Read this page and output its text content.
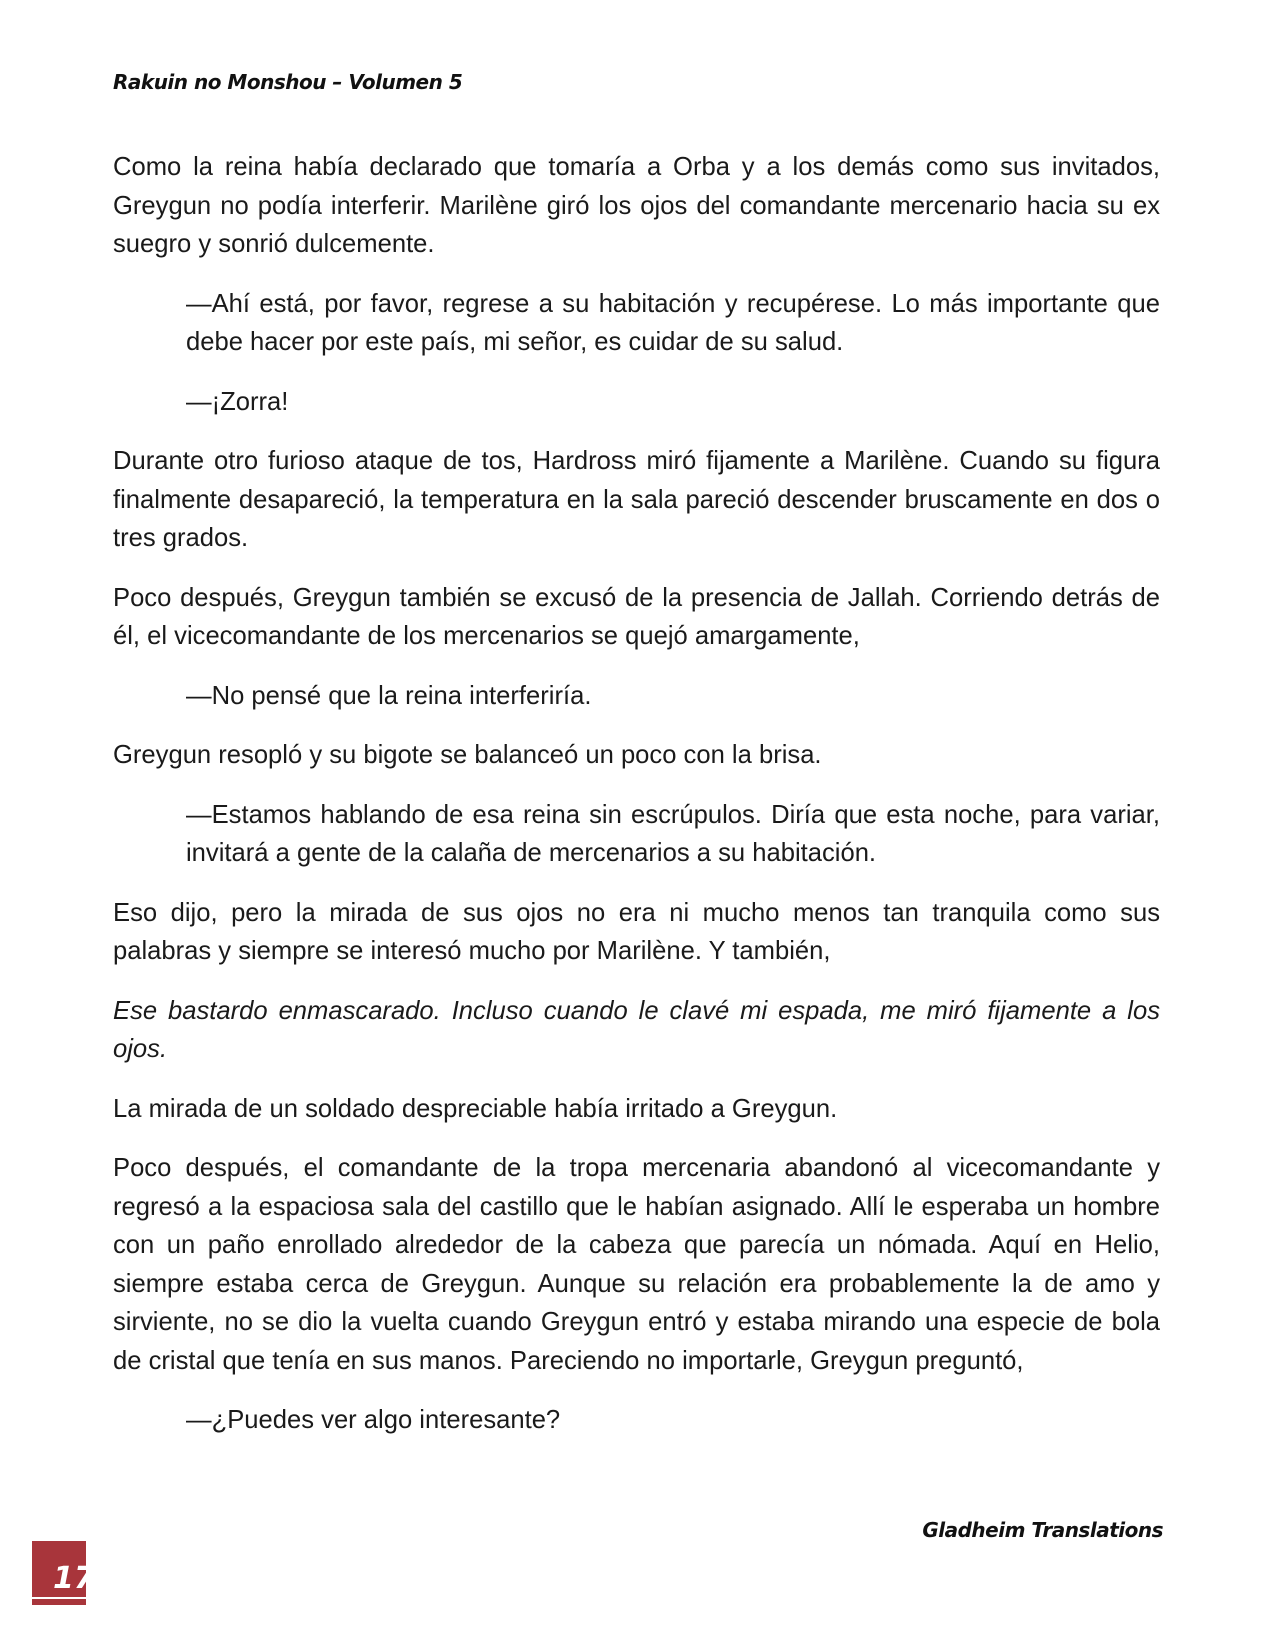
Rakuin no Monshou – Volumen 5

Como la reina había declarado que tomaría a Orba y a los demás como sus invitados, Greygun no podía interferir. Marilène giró los ojos del comandante mercenario hacia su ex suegro y sonrió dulcemente.

—Ahí está, por favor, regrese a su habitación y recupérese. Lo más importante que debe hacer por este país, mi señor, es cuidar de su salud.

—¡Zorra!

Durante otro furioso ataque de tos, Hardross miró fijamente a Marilène. Cuando su figura finalmente desapareció, la temperatura en la sala pareció descender bruscamente en dos o tres grados.

Poco después, Greygun también se excusó de la presencia de Jallah. Corriendo detrás de él, el vicecomandante de los mercenarios se quejó amargamente,

—No pensé que la reina interferiría.

Greygun resopló y su bigote se balanceó un poco con la brisa.

—Estamos hablando de esa reina sin escrúpulos. Diría que esta noche, para variar, invitará a gente de la calaña de mercenarios a su habitación.

Eso dijo, pero la mirada de sus ojos no era ni mucho menos tan tranquila como sus palabras y siempre se interesó mucho por Marilène. Y también,

Ese bastardo enmascarado. Incluso cuando le clavé mi espada, me miró fijamente a los ojos.

La mirada de un soldado despreciable había irritado a Greygun.

Poco después, el comandante de la tropa mercenaria abandonó al vicecomandante y regresó a la espaciosa sala del castillo que le habían asignado. Allí le esperaba un hombre con un paño enrollado alrededor de la cabeza que parecía un nómada. Aquí en Helio, siempre estaba cerca de Greygun. Aunque su relación era probablemente la de amo y sirviente, no se dio la vuelta cuando Greygun entró y estaba mirando una especie de bola de cristal que tenía en sus manos. Pareciendo no importarle, Greygun preguntó,

—¿Puedes ver algo interesante?

Gladheim Translations
17
